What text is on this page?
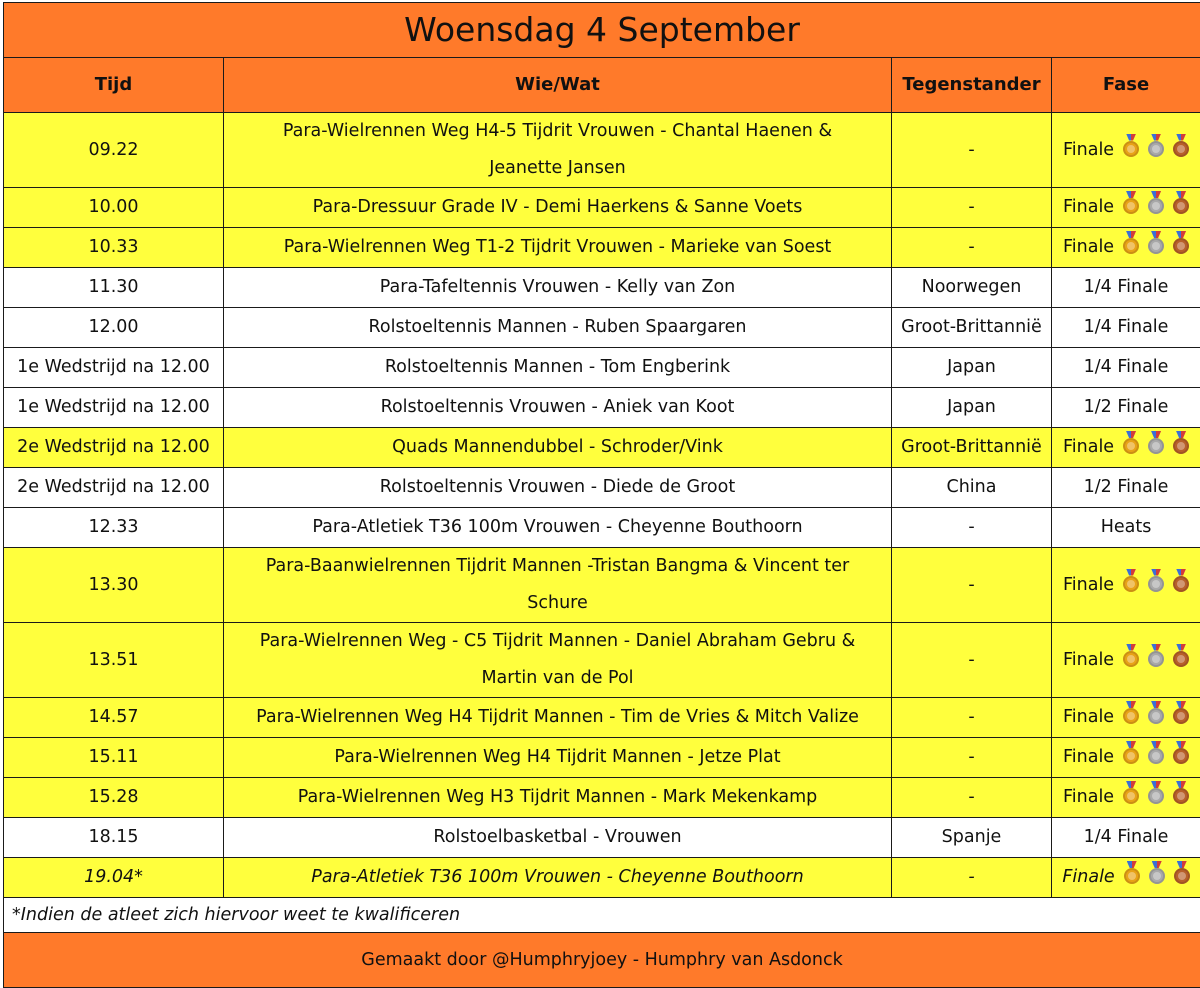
Woensdag 4 September			
Tijd	Wie/Wat	Tegenstander	Fase
09.22	Para-Wielrennen Weg H4-5 Tijdrit Vrouwen - Chantal Haenen & Jeanette Jansen	-	Finale
10.00	Para-Dressuur Grade IV - Demi Haerkens & Sanne Voets	-	Finale
10.33	Para-Wielrennen Weg T1-2 Tijdrit Vrouwen - Marieke van Soest	-	Finale
11.30	Para-Tafeltennis Vrouwen - Kelly van Zon	Noorwegen	1/4 Finale
12.00	Rolstoeltennis Mannen - Ruben Spaargaren	Groot-Brittannië	1/4 Finale
1e Wedstrijd na 12.00	Rolstoeltennis Mannen - Tom Engberink	Japan	1/4 Finale
1e Wedstrijd na 12.00	Rolstoeltennis Vrouwen - Aniek van Koot	Japan	1/2 Finale
2e Wedstrijd na 12.00	Quads Mannendubbel - Schroder/Vink	Groot-Brittannië	Finale
2e Wedstrijd na 12.00	Rolstoeltennis Vrouwen - Diede de Groot	China	1/2 Finale
12.33	Para-Atletiek T36 100m Vrouwen - Cheyenne Bouthoorn	-	Heats
13.30	Para-Baanwielrennen Tijdrit Mannen -Tristan Bangma & Vincent ter Schure	-	Finale
13.51	Para-Wielrennen Weg - C5 Tijdrit Mannen - Daniel Abraham Gebru & Martin van de Pol	-	Finale
14.57	Para-Wielrennen Weg H4 Tijdrit Mannen - Tim de Vries & Mitch Valize	-	Finale
15.11	Para-Wielrennen Weg H4 Tijdrit Mannen - Jetze Plat	-	Finale
15.28	Para-Wielrennen Weg H3 Tijdrit Mannen - Mark Mekenkamp	-	Finale
18.15	Rolstoelbasketbal - Vrouwen	Spanje	1/4 Finale
19.04*	Para-Atletiek T36 100m Vrouwen - Cheyenne Bouthoorn	-	Finale
*Indien de atleet zich hiervoor weet te kwalificeren			
Gemaakt door @Humphryjoey - Humphry van Asdonck			
